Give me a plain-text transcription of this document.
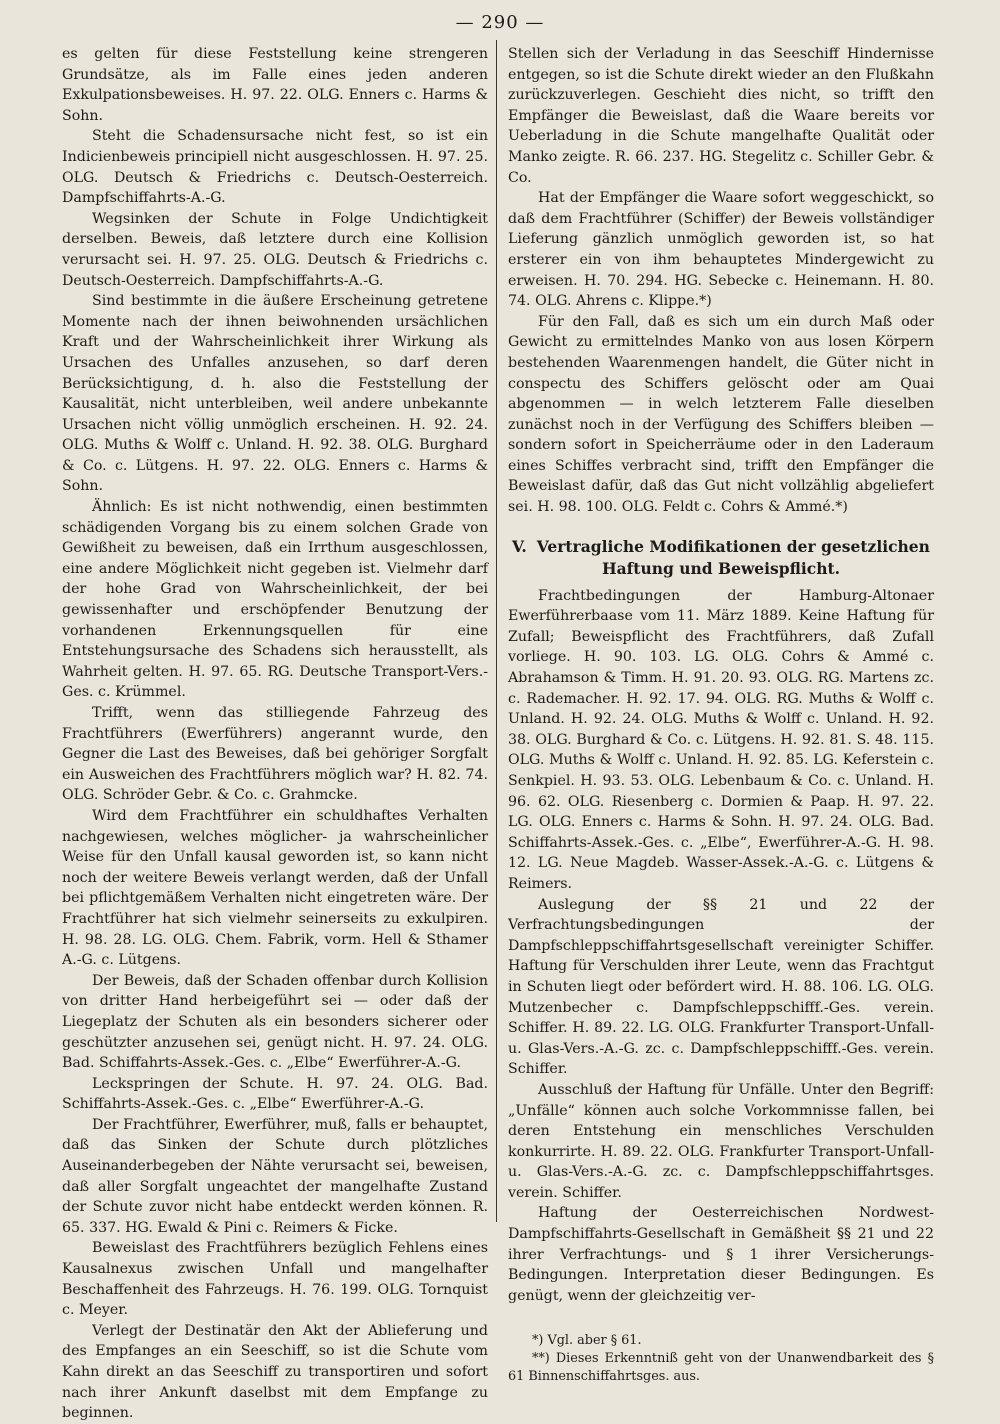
— 290 —

es gelten für diese Feststellung keine strengeren Grundsätze, als im Falle eines jeden anderen Exkulpationsbeweises. H. 97. 22. OLG. Enners c. Harms & Sohn.

Steht die Schadensursache nicht fest, so ist ein Indicienbeweis principiell nicht ausgeschlossen. H. 97. 25. OLG. Deutsch & Friedrichs c. Deutsch-Oesterreich. Dampfschiffahrts-A.-G.

Wegsinken der Schute in Folge Undichtigkeit derselben. Beweis, daß letztere durch eine Kollision verursacht sei. H. 97. 25. OLG. Deutsch & Friedrichs c. Deutsch-Oesterreich. Dampfschiffahrts-A.-G.

Sind bestimmte in die äußere Erscheinung getretene Momente nach der ihnen beiwohnenden ursächlichen Kraft und der Wahrscheinlichkeit ihrer Wirkung als Ursachen des Unfalles anzusehen, so darf deren Berücksichtigung, d. h. also die Feststellung der Kausalität, nicht unterbleiben, weil andere unbekannte Ursachen nicht völlig unmöglich erscheinen. H. 92. 24. OLG. Muths & Wolff c. Unland. H. 92. 38. OLG. Burghard & Co. c. Lütgens. H. 97. 22. OLG. Enners c. Harms & Sohn.

Ähnlich: Es ist nicht nothwendig, einen bestimmten schädigenden Vorgang bis zu einem solchen Grade von Gewißheit zu beweisen, daß ein Irrthum ausgeschlossen, eine andere Möglichkeit nicht gegeben ist. Vielmehr darf der hohe Grad von Wahrscheinlichkeit, der bei gewissenhafter und erschöpfender Benutzung der vorhandenen Erkennungsquellen für eine Entstehungsursache des Schadens sich herausstellt, als Wahrheit gelten. H. 97. 65. RG. Deutsche Transport-Vers.-Ges. c. Krümmel.

Trifft, wenn das stilliegende Fahrzeug des Frachtführers (Ewerführers) angerannt wurde, den Gegner die Last des Beweises, daß bei gehöriger Sorgfalt ein Ausweichen des Frachtführers möglich war? H. 82. 74. OLG. Schröder Gebr. & Co. c. Grahmcke.

Wird dem Frachtführer ein schuldhaftes Verhalten nachgewiesen, welches möglicher- ja wahrscheinlicher Weise für den Unfall kausal geworden ist, so kann nicht noch der weitere Beweis verlangt werden, daß der Unfall bei pflichtgemäßem Verhalten nicht eingetreten wäre. Der Frachtführer hat sich vielmehr seinerseits zu exkulpiren. H. 98. 28. LG. OLG. Chem. Fabrik, vorm. Hell & Sthamer A.-G. c. Lütgens.

Der Beweis, daß der Schaden offenbar durch Kollision von dritter Hand herbeigeführt sei — oder daß der Liegeplatz der Schuten als ein besonders sicherer oder geschützter anzusehen sei, genügt nicht. H. 97. 24. OLG. Bad. Schiffahrts-Assek.-Ges. c. „Elbe“ Ewerführer-A.-G.

Leckspringen der Schute. H. 97. 24. OLG. Bad. Schiffahrts-Assek.-Ges. c. „Elbe“ Ewerführer-A.-G.

Der Frachtführer, Ewerführer, muß, falls er behauptet, daß das Sinken der Schute durch plötzliches Auseinanderbegeben der Nähte verursacht sei, beweisen, daß aller Sorgfalt ungeachtet der mangelhafte Zustand der Schute zuvor nicht habe entdeckt werden können. R. 65. 337. HG. Ewald & Pini c. Reimers & Ficke.

Beweislast des Frachtführers bezüglich Fehlens eines Kausalnexus zwischen Unfall und mangelhafter Beschaffenheit des Fahrzeugs. H. 76. 199. OLG. Tornquist c. Meyer.

Verlegt der Destinatär den Akt der Ablieferung und des Empfanges an ein Seeschiff, so ist die Schute vom Kahn direkt an das Seeschiff zu transportiren und sofort nach ihrer Ankunft daselbst mit dem Empfange zu beginnen.

Stellen sich der Verladung in das Seeschiff Hindernisse entgegen, so ist die Schute direkt wieder an den Flußkahn zurückzuverlegen. Geschieht dies nicht, so trifft den Empfänger die Beweislast, daß die Waare bereits vor Ueberladung in die Schute mangelhafte Qualität oder Manko zeigte. R. 66. 237. HG. Stegelitz c. Schiller Gebr. & Co.

Hat der Empfänger die Waare sofort weggeschickt, so daß dem Frachtführer (Schiffer) der Beweis vollständiger Lieferung gänzlich unmöglich geworden ist, so hat ersterer ein von ihm behauptetes Mindergewicht zu erweisen. H. 70. 294. HG. Sebecke c. Heinemann. H. 80. 74. OLG. Ahrens c. Klippe.*)

Für den Fall, daß es sich um ein durch Maß oder Gewicht zu ermittelndes Manko von aus losen Körpern bestehenden Waarenmengen handelt, die Güter nicht in conspectu des Schiffers gelöscht oder am Quai abgenommen — in welch letzterem Falle dieselben zunächst noch in der Verfügung des Schiffers bleiben — sondern sofort in Speicherräume oder in den Laderaum eines Schiffes verbracht sind, trifft den Empfänger die Beweislast dafür, daß das Gut nicht vollzählig abgeliefert sei. H. 98. 100. OLG. Feldt c. Cohrs & Ammé.*)

V. Vertragliche Modifikationen der gesetzlichen Haftung und Beweispflicht.

Frachtbedingungen der Hamburg-Altonaer Ewerführerbaase vom 11. März 1889. Keine Haftung für Zufall; Beweispflicht des Frachtführers, daß Zufall vorliege. H. 90. 103. LG. OLG. Cohrs & Ammé c. Abrahamson & Timm. H. 91. 20. 93. OLG. RG. Martens zc. c. Rademacher. H. 92. 17. 94. OLG. RG. Muths & Wolff c. Unland. H. 92. 24. OLG. Muths & Wolff c. Unland. H. 92. 38. OLG. Burghard & Co. c. Lütgens. H. 92. 81. S. 48. 115. OLG. Muths & Wolff c. Unland. H. 92. 85. LG. Keferstein c. Senkpiel. H. 93. 53. OLG. Lebenbaum & Co. c. Unland. H. 96. 62. OLG. Riesenberg c. Dormien & Paap. H. 97. 22. LG. OLG. Enners c. Harms & Sohn. H. 97. 24. OLG. Bad. Schiffahrts-Assek.-Ges. c. „Elbe“, Ewerführer-A.-G. H. 98. 12. LG. Neue Magdeb. Wasser-Assek.-A.-G. c. Lütgens & Reimers.

Auslegung der §§ 21 und 22 der Verfrachtungsbedingungen der Dampfschleppschiffahrtsgesellschaft vereinigter Schiffer. Haftung für Verschulden ihrer Leute, wenn das Frachtgut in Schuten liegt oder befördert wird. H. 88. 106. LG. OLG. Mutzenbecher c. Dampfschleppschifff.-Ges. verein. Schiffer. H. 89. 22. LG. OLG. Frankfurter Transport-Unfall- u. Glas-Vers.-A.-G. zc. c. Dampfschleppschifff.-Ges. verein. Schiffer.

Ausschluß der Haftung für Unfälle. Unter den Begriff: „Unfälle“ können auch solche Vorkommnisse fallen, bei deren Entstehung ein menschliches Verschulden konkurrirte. H. 89. 22. OLG. Frankfurter Transport-Unfall- u. Glas-Vers.-A.-G. zc. c. Dampfschleppschiffahrtsges. verein. Schiffer.

Haftung der Oesterreichischen Nordwest-Dampfschiffahrts-Gesellschaft in Gemäßheit §§ 21 und 22 ihrer Verfrachtungs- und § 1 ihrer Versicherungs-Bedingungen. Interpretation dieser Bedingungen. Es genügt, wenn der gleichzeitig ver-

*) Vgl. aber § 61.

**) Dieses Erkenntniß geht von der Unanwendbarkeit des § 61 Binnenschiffahrtsges. aus.
